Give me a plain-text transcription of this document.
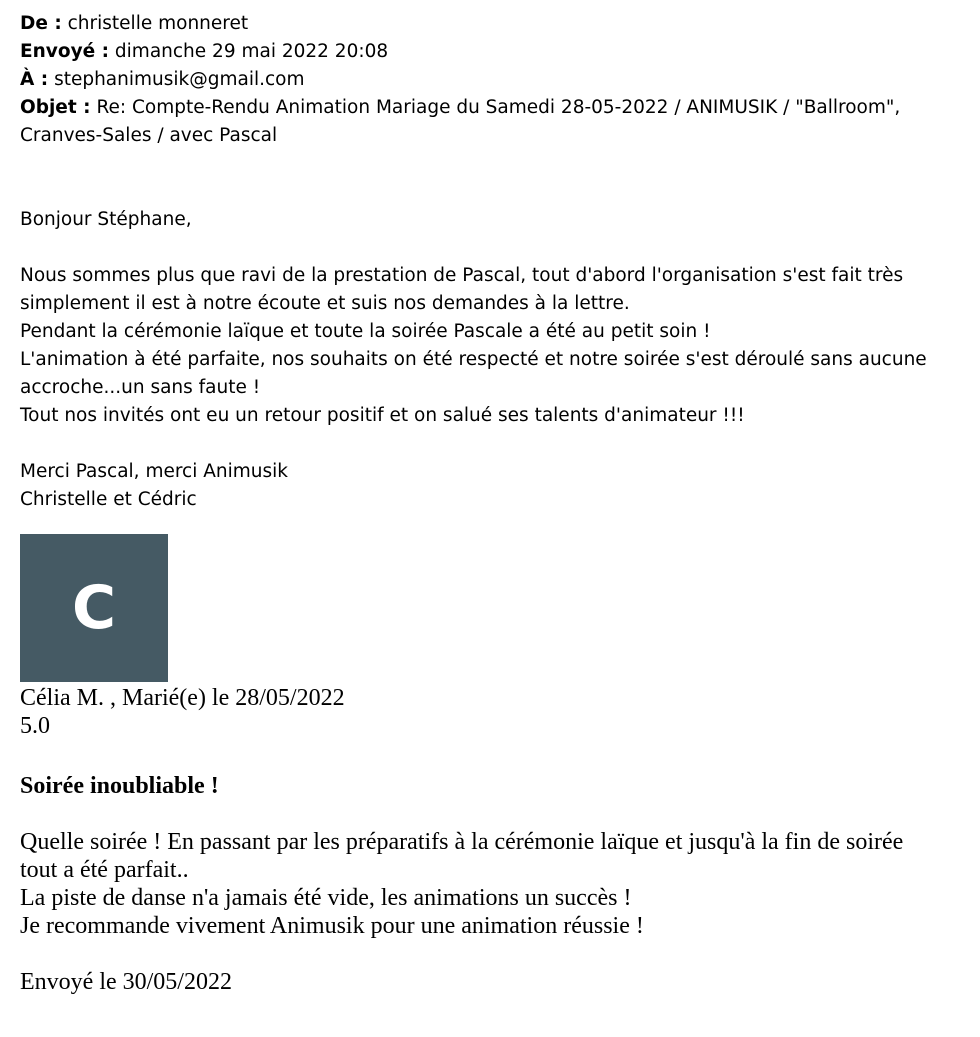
De : christelle monneret

Envoyé : dimanche 29 mai 2022 20:08

À : stephanimusik@gmail.com

Objet : Re: Compte-Rendu Animation Mariage du Samedi 28-05-2022 / ANIMUSIK / "Ballroom",
Cranves-Sales / avec Pascal

Bonjour Stéphane,

Nous sommes plus que ravi de la prestation de Pascal, tout d'abord l'organisation s'est fait très

simplement il est à notre écoute et suis nos demandes à la lettre.

Pendant la cérémonie laïque et toute la soirée Pascale a été au petit soin !

L'animation à été parfaite, nos souhaits on été respecté et notre soirée s'est déroulé sans aucune

accroche...un sans faute !

Tout nos invités ont eu un retour positif et on salué ses talents d'animateur !!!

Merci Pascal, merci Animusik

Christelle et Cédric

C

Célia M. , Marié(e) le 28/05/2022

5.0

Soirée inoubliable !

Quelle soirée ! En passant par les préparatifs à la cérémonie laïque et jusqu'à la fin de soirée

tout a été parfait..

La piste de danse n'a jamais été vide, les animations un succès !

Je recommande vivement Animusik pour une animation réussie !

Envoyé le 30/05/2022
